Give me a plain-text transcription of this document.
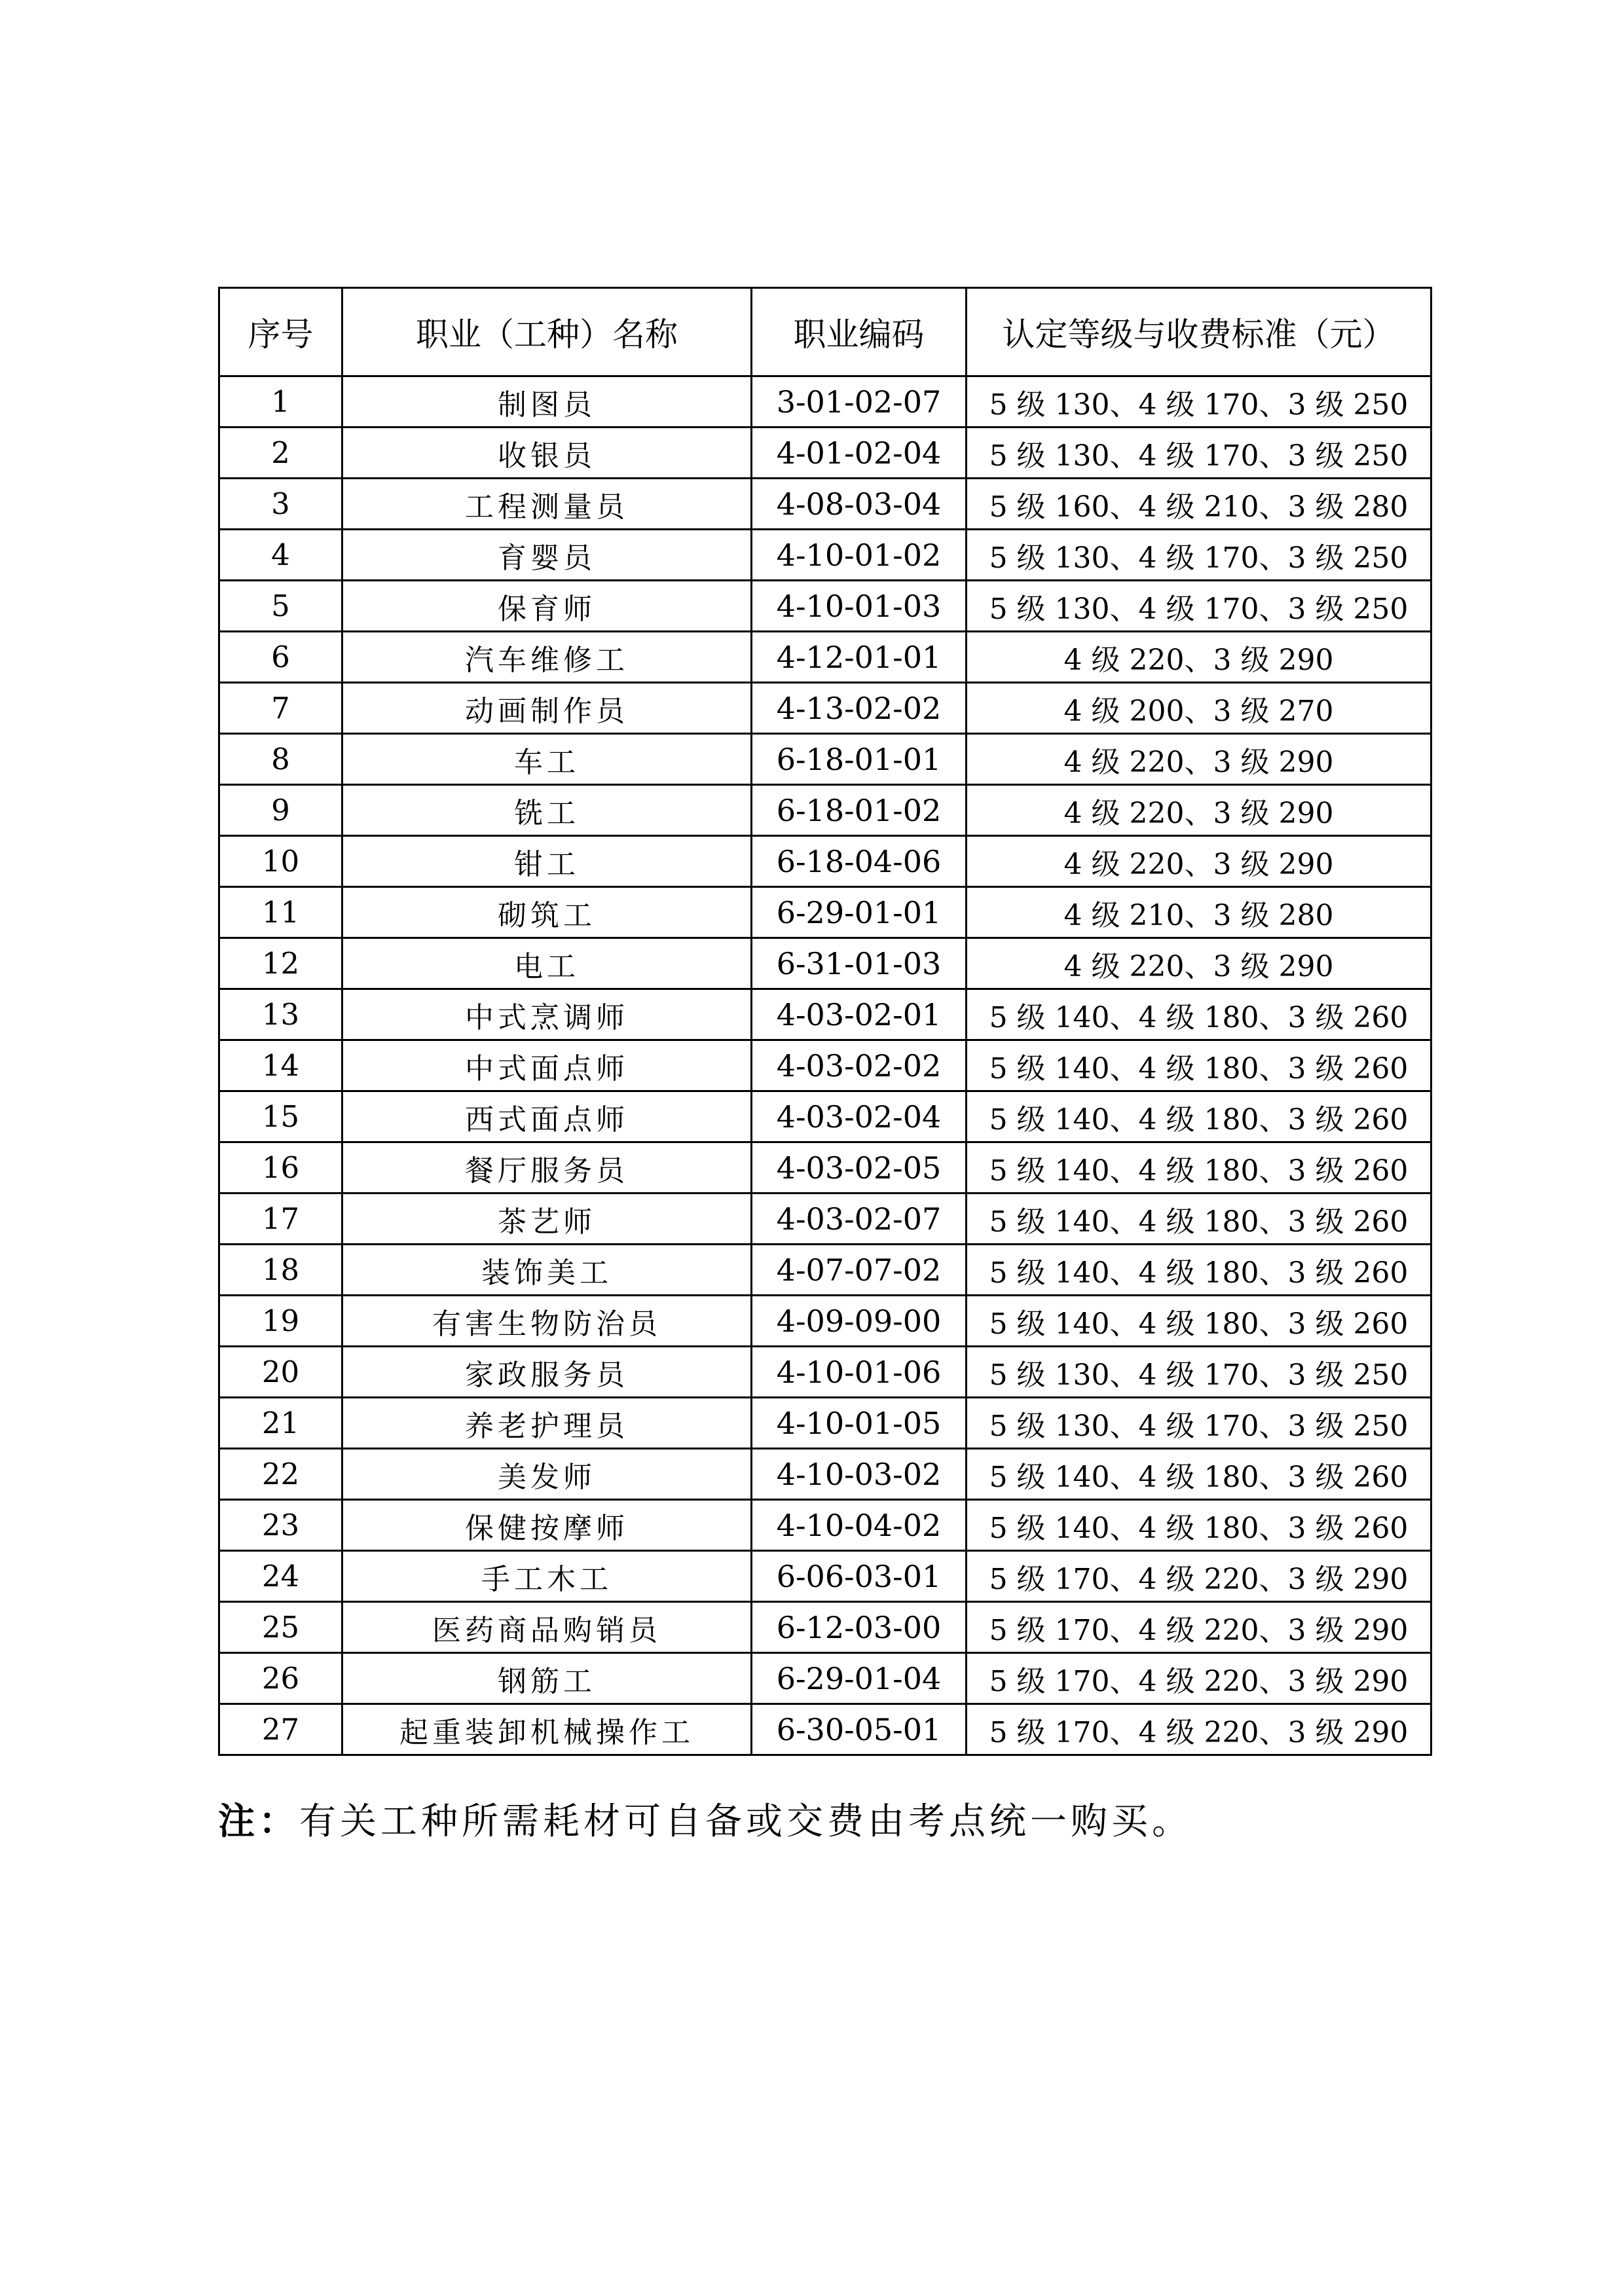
序号	职业（工种）名称	职业编码	认定等级与收费标准（元）
1	制图员	3-01-02-07	5 级 130、4 级 170、3 级 250
2	收银员	4-01-02-04	5 级 130、4 级 170、3 级 250
3	工程测量员	4-08-03-04	5 级 160、4 级 210、3 级 280
4	育婴员	4-10-01-02	5 级 130、4 级 170、3 级 250
5	保育师	4-10-01-03	5 级 130、4 级 170、3 级 250
6	汽车维修工	4-12-01-01	4 级 220、3 级 290
7	动画制作员	4-13-02-02	4 级 200、3 级 270
8	车工	6-18-01-01	4 级 220、3 级 290
9	铣工	6-18-01-02	4 级 220、3 级 290
10	钳工	6-18-04-06	4 级 220、3 级 290
11	砌筑工	6-29-01-01	4 级 210、3 级 280
12	电工	6-31-01-03	4 级 220、3 级 290
13	中式烹调师	4-03-02-01	5 级 140、4 级 180、3 级 260
14	中式面点师	4-03-02-02	5 级 140、4 级 180、3 级 260
15	西式面点师	4-03-02-04	5 级 140、4 级 180、3 级 260
16	餐厅服务员	4-03-02-05	5 级 140、4 级 180、3 级 260
17	茶艺师	4-03-02-07	5 级 140、4 级 180、3 级 260
18	装饰美工	4-07-07-02	5 级 140、4 级 180、3 级 260
19	有害生物防治员	4-09-09-00	5 级 140、4 级 180、3 级 260
20	家政服务员	4-10-01-06	5 级 130、4 级 170、3 级 250
21	养老护理员	4-10-01-05	5 级 130、4 级 170、3 级 250
22	美发师	4-10-03-02	5 级 140、4 级 180、3 级 260
23	保健按摩师	4-10-04-02	5 级 140、4 级 180、3 级 260
24	手工木工	6-06-03-01	5 级 170、4 级 220、3 级 290
25	医药商品购销员	6-12-03-00	5 级 170、4 级 220、3 级 290
26	钢筋工	6-29-01-04	5 级 170、4 级 220、3 级 290
27	起重装卸机械操作工	6-30-05-01	5 级 170、4 级 220、3 级 290
注：有关工种所需耗材可自备或交费由考点统一购买。
